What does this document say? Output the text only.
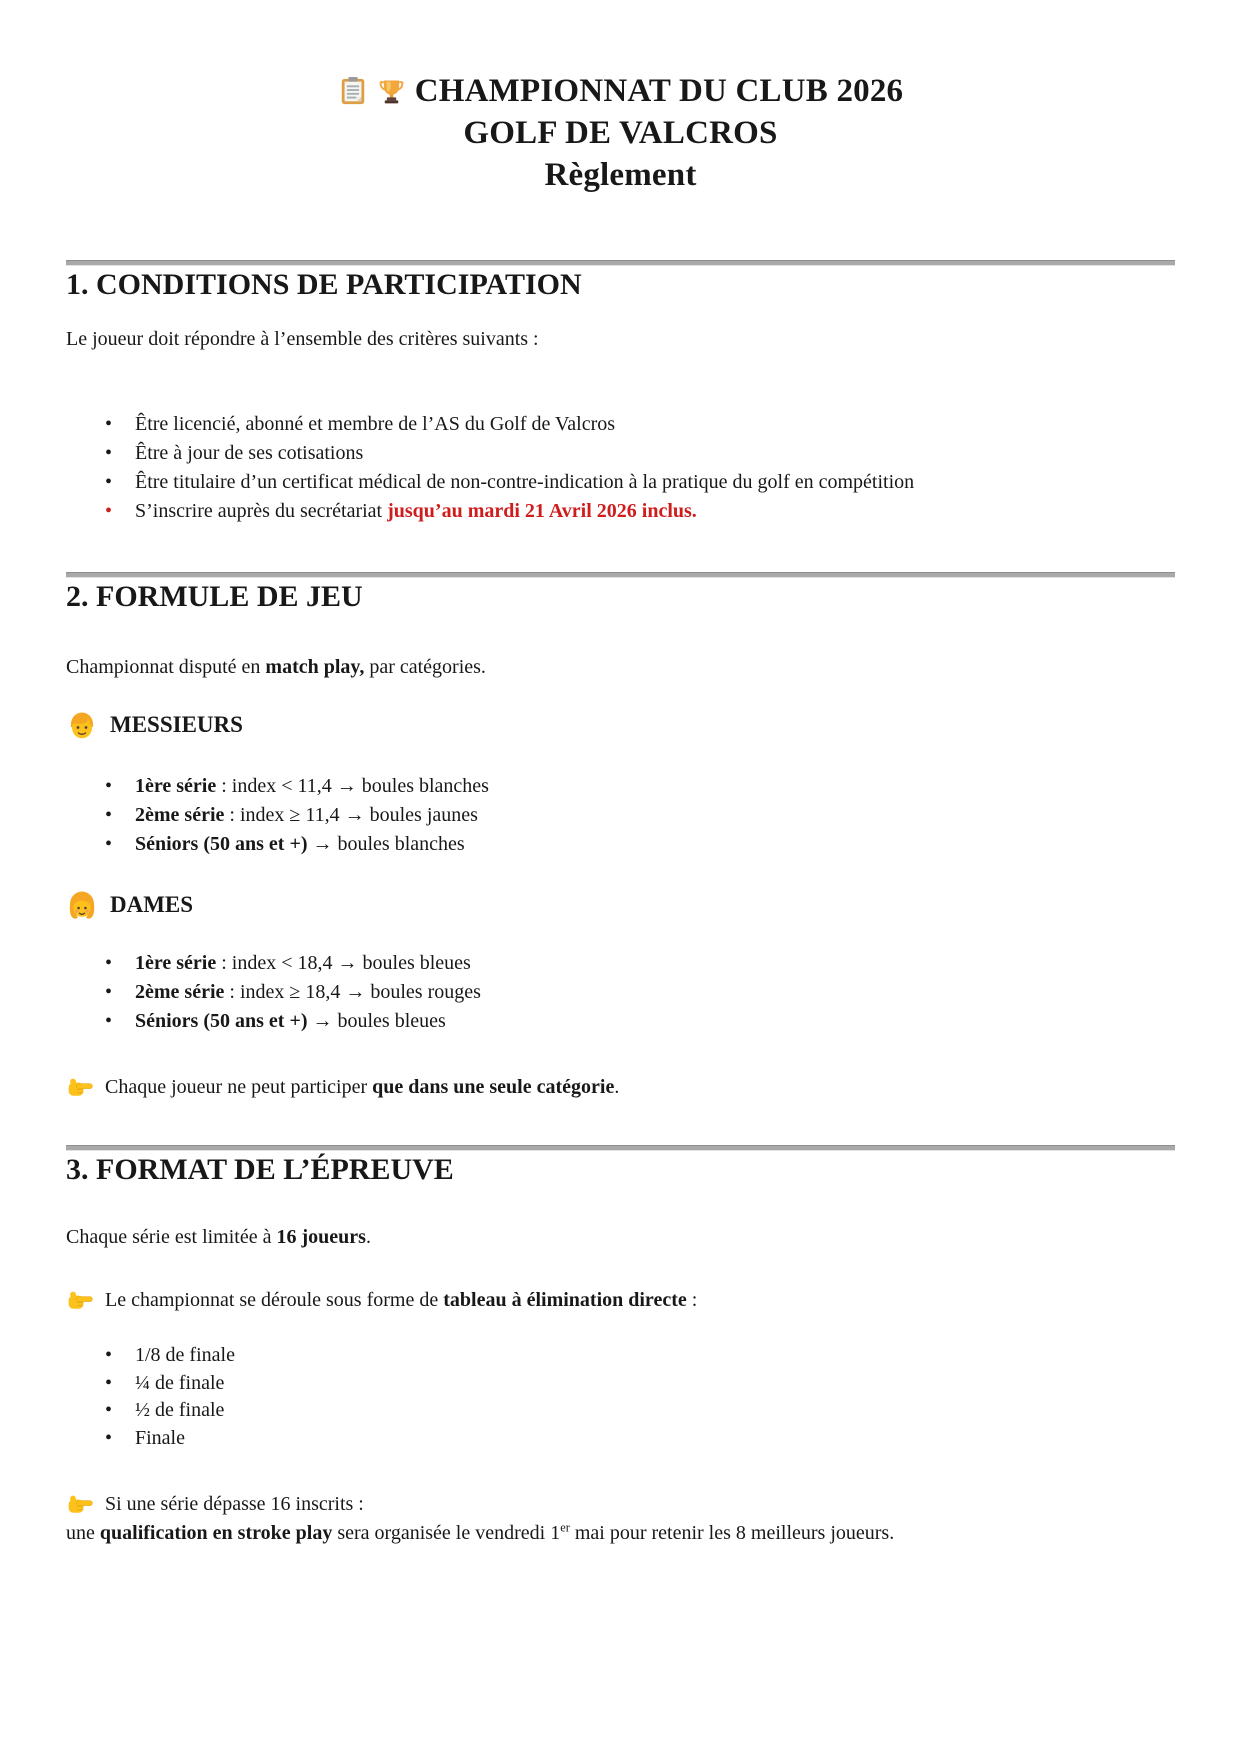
CHAMPIONNAT DU CLUB 2026
GOLF DE VALCROS
Règlement
1. CONDITIONS DE PARTICIPATION

Le joueur doit répondre à l’ensemble des critères suivants :

• Être licencié, abonné et membre de l’AS du Golf de Valcros
• Être à jour de ses cotisations
• Être titulaire d’un certificat médical de non-contre-indication à la pratique du golf en compétition
• S’inscrire auprès du secrétariat jusqu’au mardi 21 Avril 2026 inclus.
2. FORMULE DE JEU

Championnat disputé en match play, par catégories.

MESSIEURS
• 1ère série : index < 11,4 → boules blanches
• 2ème série : index ≥ 11,4 → boules jaunes
• Séniors (50 ans et +) → boules blanches
DAMES
• 1ère série : index < 18,4 → boules bleues
• 2ème série : index ≥ 18,4 → boules rouges
• Séniors (50 ans et +) → boules bleues
Chaque joueur ne peut participer que dans une seule catégorie.
3. FORMAT DE L’ÉPREUVE

Chaque série est limitée à 16 joueurs.

Le championnat se déroule sous forme de tableau à élimination directe :
• 1/8 de finale
• ¼ de finale
• ½ de finale
• Finale
Si une série dépasse 16 inscrits :

une qualification en stroke play sera organisée le vendredi 1er mai pour retenir les 8 meilleurs joueurs.
